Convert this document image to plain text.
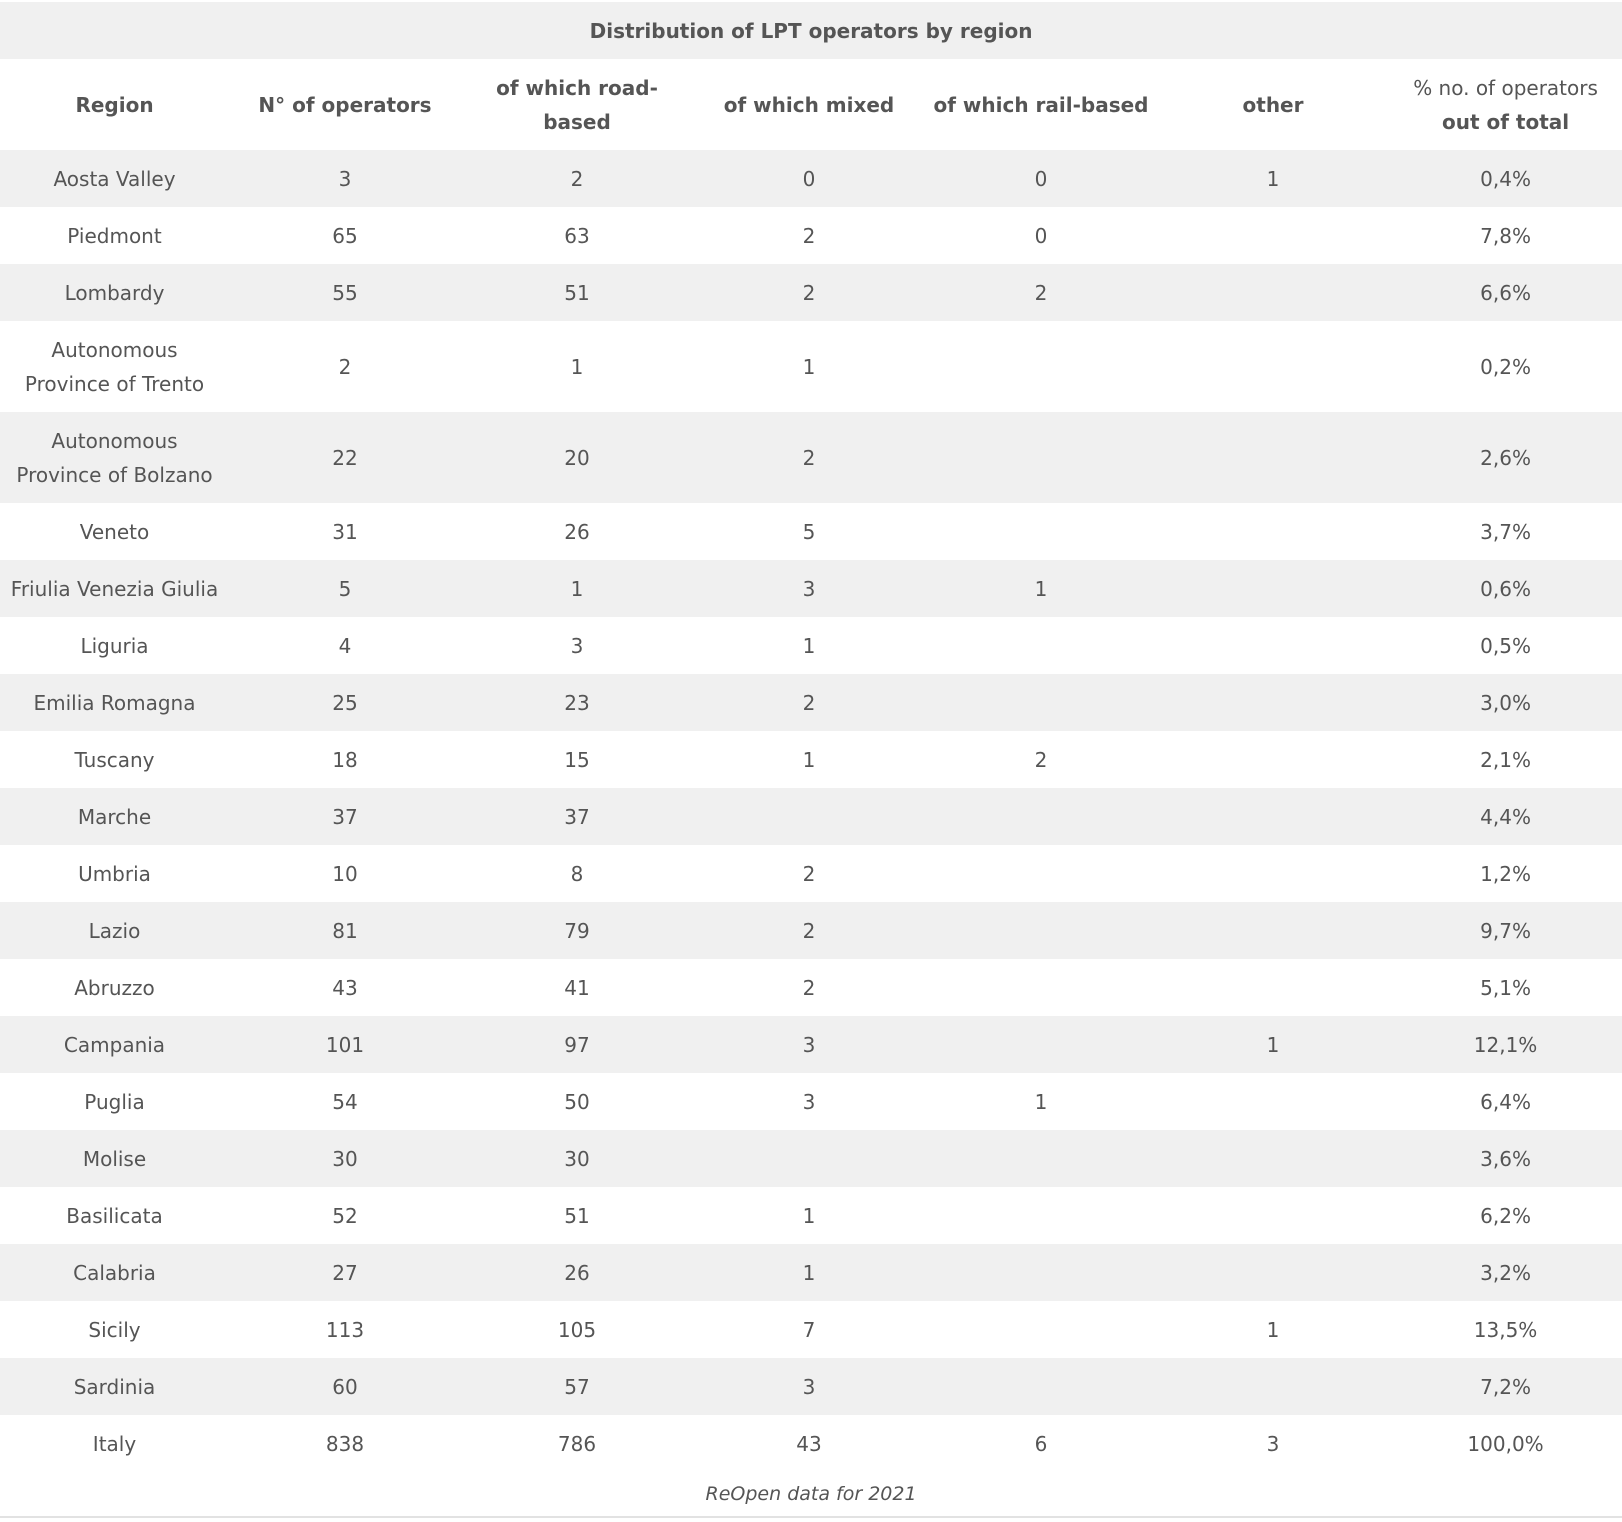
Distribution of LPT operators by region						
Region	N° of operators	of which road-based	of which mixed	of which rail-based	other	% no. of operators
out of total

Aosta Valley	3	2	0	0	1	0,4%
Piedmont	65	63	2	0		7,8%
Lombardy	55	51	2	2		6,6%
Autonomous Province of Trento	2	1	1			0,2%
Autonomous Province of Bolzano	22	20	2			2,6%
Veneto	31	26	5			3,7%
Friulia Venezia Giulia	5	1	3	1		0,6%
Liguria	4	3	1			0,5%
Emilia Romagna	25	23	2			3,0%
Tuscany	18	15	1	2		2,1%
Marche	37	37				4,4%
Umbria	10	8	2			1,2%
Lazio	81	79	2			9,7%
Abruzzo	43	41	2			5,1%
Campania	101	97	3		1	12,1%
Puglia	54	50	3	1		6,4%
Molise	30	30				3,6%
Basilicata	52	51	1			6,2%
Calabria	27	26	1			3,2%
Sicily	113	105	7		1	13,5%
Sardinia	60	57	3			7,2%
Italy	838	786	43	6	3	100,0%
ReOpen data for 2021						
